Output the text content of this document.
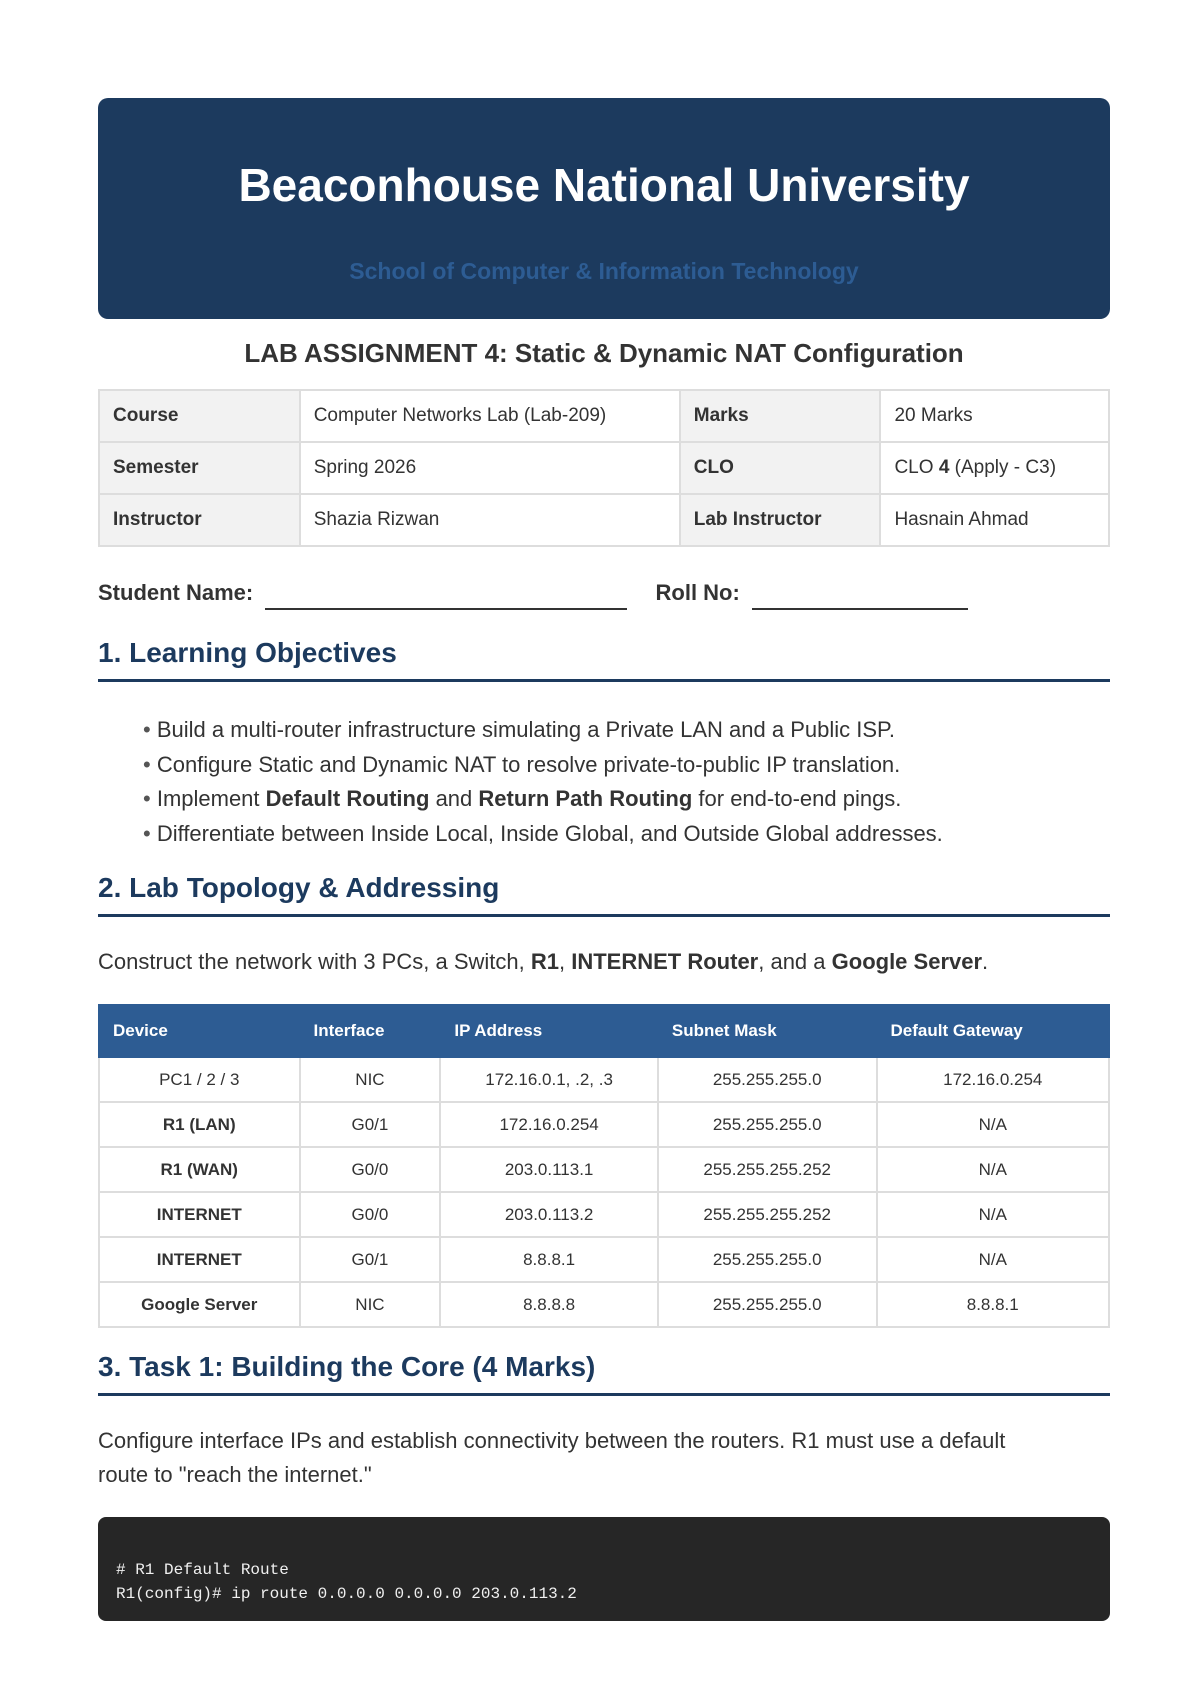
Beaconhouse National University
School of Computer & Information Technology
LAB ASSIGNMENT 4: Static & Dynamic NAT Configuration
Course	Computer Networks Lab (Lab-209)	Marks	20 Marks
Semester	Spring 2026	CLO	CLO 4 (Apply - C3)
Instructor	Shazia Rizwan	Lab Instructor	Hasnain Ahmad
Student Name:	Roll No:
1. Learning Objectives
• Build a multi-router infrastructure simulating a Private LAN and a Public ISP.
• Configure Static and Dynamic NAT to resolve private-to-public IP translation.
• Implement Default Routing and Return Path Routing for end-to-end pings.
• Differentiate between Inside Local, Inside Global, and Outside Global addresses.
2. Lab Topology & Addressing
Construct the network with 3 PCs, a Switch, R1, INTERNET Router, and a Google Server.
Device	Interface	IP Address	Subnet Mask	Default Gateway
PC1 / 2 / 3	NIC	172.16.0.1, .2, .3	255.255.255.0	172.16.0.254
R1 (LAN)	G0/1	172.16.0.254	255.255.255.0	N/A
R1 (WAN)	G0/0	203.0.113.1	255.255.255.252	N/A
INTERNET	G0/0	203.0.113.2	255.255.255.252	N/A
INTERNET	G0/1	8.8.8.1	255.255.255.0	N/A
Google Server	NIC	8.8.8.8	255.255.255.0	8.8.8.1
3. Task 1: Building the Core (4 Marks)
Configure interface IPs and establish connectivity between the routers. R1 must use a default
route to "reach the internet."
# R1 Default Route
R1(config)# ip route 0.0.0.0 0.0.0.0 203.0.113.2
